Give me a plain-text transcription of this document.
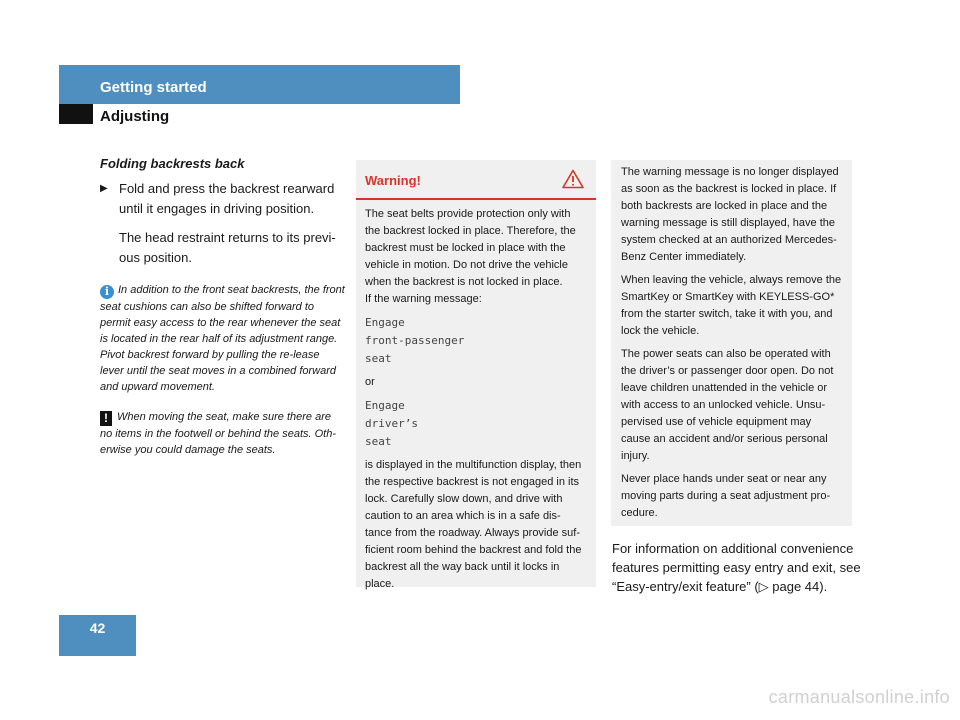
Getting started
Adjusting
Folding backrests back
▶ Fold and press the backrest rearward until it engages in driving position.

The head restraint returns to its previ-ous position.

i In addition to the front seat backrests, the front seat cushions can also be shifted forward to permit easy access to the rear whenever the seat is located in the rear half of its adjustment range. Pivot backrest forward by pulling the re-lease lever until the seat moves in a combined forward and upward movement.
! When moving the seat, make sure there are no items in the footwell or behind the seats. Oth-erwise you could damage the seats.
Warning!

The seat belts provide protection only with the backrest locked in place. Therefore, the backrest must be locked in place with the vehicle in motion. Do not drive the vehicle when the backrest is not locked in place.

If the warning message:

Engage
front-passenger
seat

or

Engage
driver’s
seat

is displayed in the multifunction display, then the respective backrest is not engaged in its lock. Carefully slow down, and drive with caution to an area which is in a safe dis-tance from the roadway. Always provide suf-ficient room behind the backrest and fold the backrest all the way back until it locks in place.

The warning message is no longer displayed as soon as the backrest is locked in place. If both backrests are locked in place and the warning message is still displayed, have the system checked at an authorized Mercedes-Benz Center immediately.

When leaving the vehicle, always remove the SmartKey or SmartKey with KEYLESS-GO* from the starter switch, take it with you, and lock the vehicle.

The power seats can also be operated with the driver’s or passenger door open. Do not leave children unattended in the vehicle or with access to an unlocked vehicle. Unsu-pervised use of vehicle equipment may cause an accident and/or serious personal injury.

Never place hands under seat or near any moving parts during a seat adjustment pro-cedure.

For information on additional convenience features permitting easy entry and exit, see “Easy-entry/exit feature” (▷ page 44).
42
carmanualsonline.info
